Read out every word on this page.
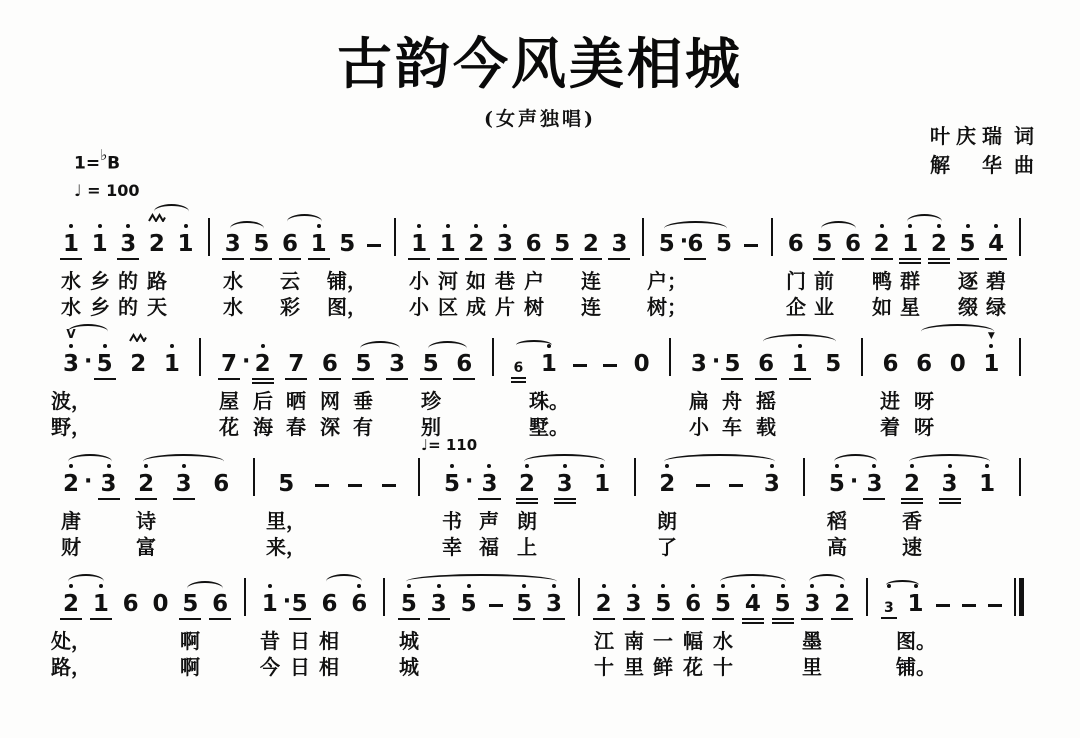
古韵今风美相城
(女声独唱)
叶庆瑞 词
解 华 曲
1=♭B
♩ = 100
1 1 3 2 1 3 5 6 1 5 1 1 2 3 6 5 2 3 5 · 6 5 6 5 6 2 1 2 5 4
水 乡 的 路	水 云 铺， 小 河 如 巷 户 连 户；	门 前 鸭 群 逐 碧
水 乡 的 天	水 彩 图， 小 区 成 片 树 连 树；	企 业 如 星 缀 绿
3 ·
V
5 2 1 7 · 2 7 6 5 3 5 6	6 1	0 3 · 5 6 1 5 6 6 0 1
▼
波，	屋 后 晒 网 垂 珍	珠。	扁 舟 摇	进 呀
野，	花 海 春 深 有 别	墅。	小 车 载	着 呀
2 · 3 2 3 6 5	5 · 3 2 3 1 2	3 5 · 3 2 3 1
♩= 110
唐	诗	里，	书 声 朗	朗	稻	香
财	富	来，	幸 福 上	了	高	速
2 1 6 0 5 6 1 · 5 6 6 5 3 5 5 3 2 3 5 6 5 4 5 3 2 3 1
处，	啊	昔 日 相	城	江 南 一 幅 水	墨	图。
路，	啊	今 日 相	城	十 里 鲜 花 十	里	铺。
